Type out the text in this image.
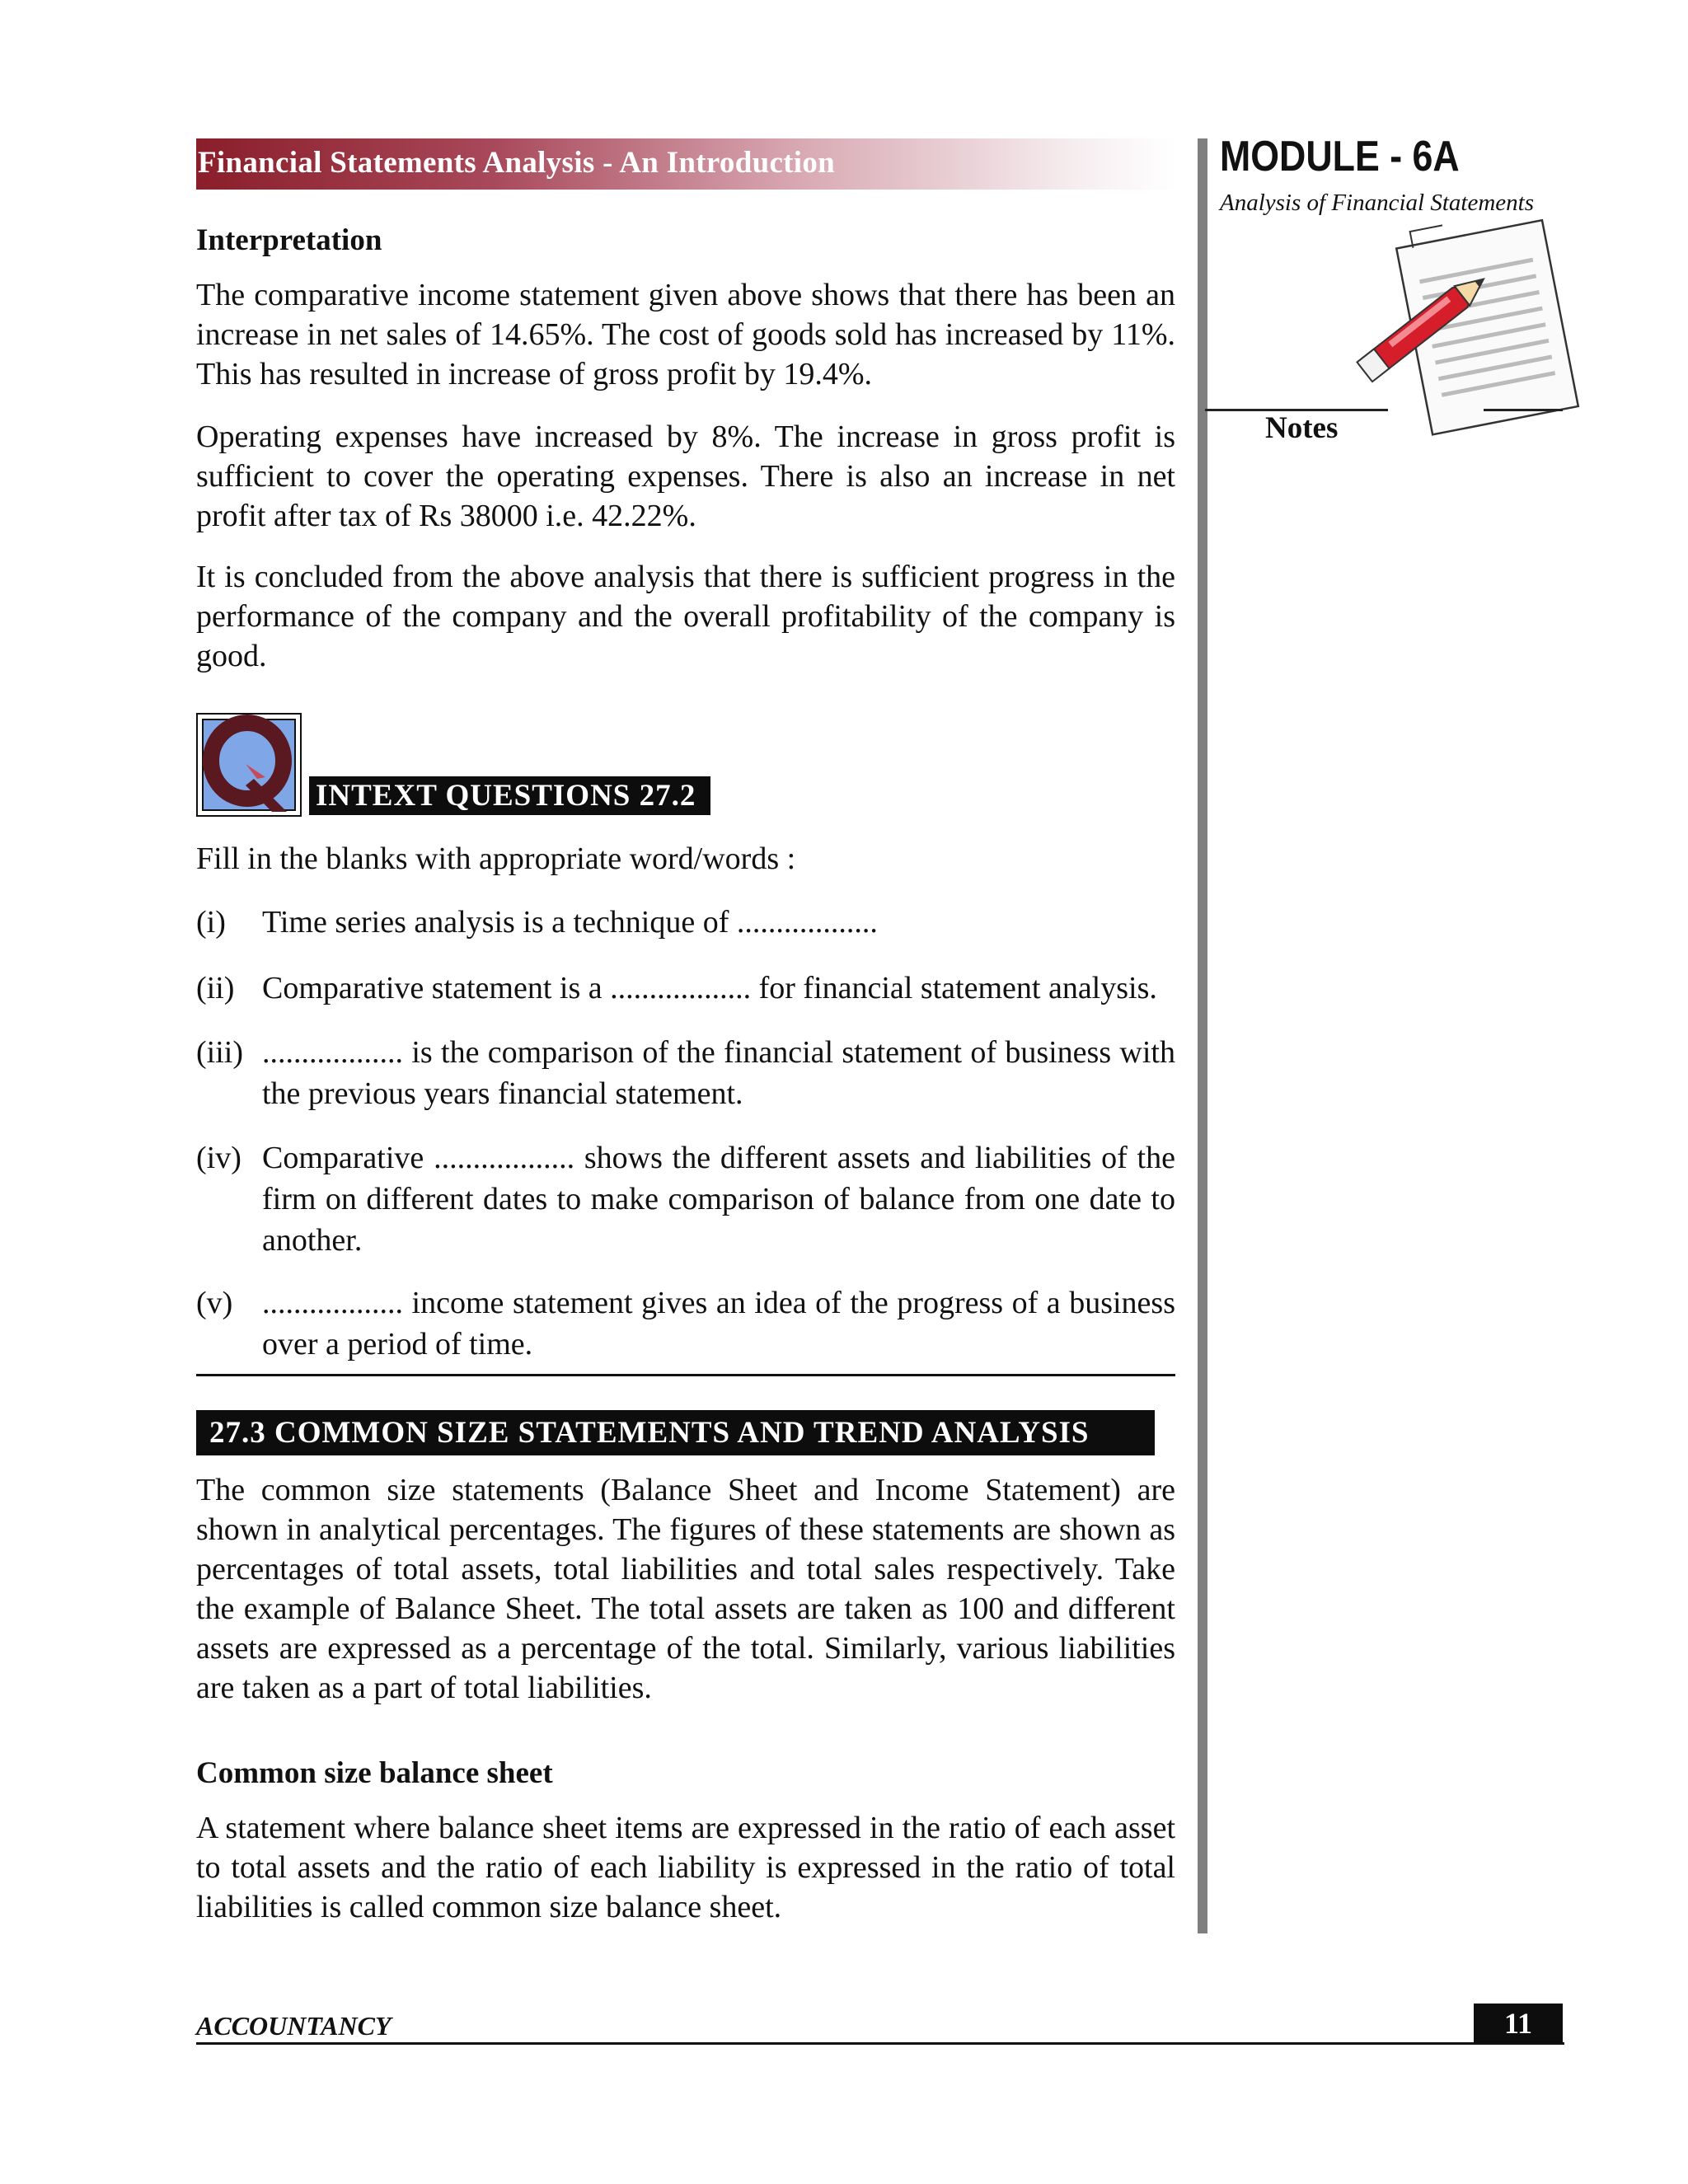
Financial Statements Analysis - An Introduction	MODULE - 6A
Analysis of Financial Statements
Notes
Interpretation

The comparative income statement given above shows that there has been an increase in net sales of 14.65%. The cost of goods sold has increased by 11%. This has resulted in increase of gross profit by 19.4%.

Operating expenses have increased by 8%. The increase in gross profit is sufficient to cover the operating expenses. There is also an increase in net profit after tax of Rs 38000 i.e. 42.22%.

It is concluded from the above analysis that there is sufficient progress in the performance of the company and the overall profitability of the company is good.

INTEXT QUESTIONS 27.2

Fill in the blanks with appropriate word/words :

(i) Time series analysis is a technique of ..................
(ii) Comparative statement is a .................. for financial statement analysis.
(iii) .................. is the comparison of the financial statement of business with the previous years financial statement.
(iv) Comparative .................. shows the different assets and liabilities of the firm on different dates to make comparison of balance from one date to another.
(v) .................. income statement gives an idea of the progress of a business over a period of time.
27.3 COMMON SIZE STATEMENTS AND TREND ANALYSIS

The common size statements (Balance Sheet and Income Statement) are shown in analytical percentages. The figures of these statements are shown as percentages of total assets, total liabilities and total sales respectively. Take the example of Balance Sheet. The total assets are taken as 100 and different assets are expressed as a percentage of the total. Similarly, various liabilities are taken as a part of total liabilities.

Common size balance sheet

A statement where balance sheet items are expressed in the ratio of each asset to total assets and the ratio of each liability is expressed in the ratio of total liabilities is called common size balance sheet.

ACCOUNTANCY	11
